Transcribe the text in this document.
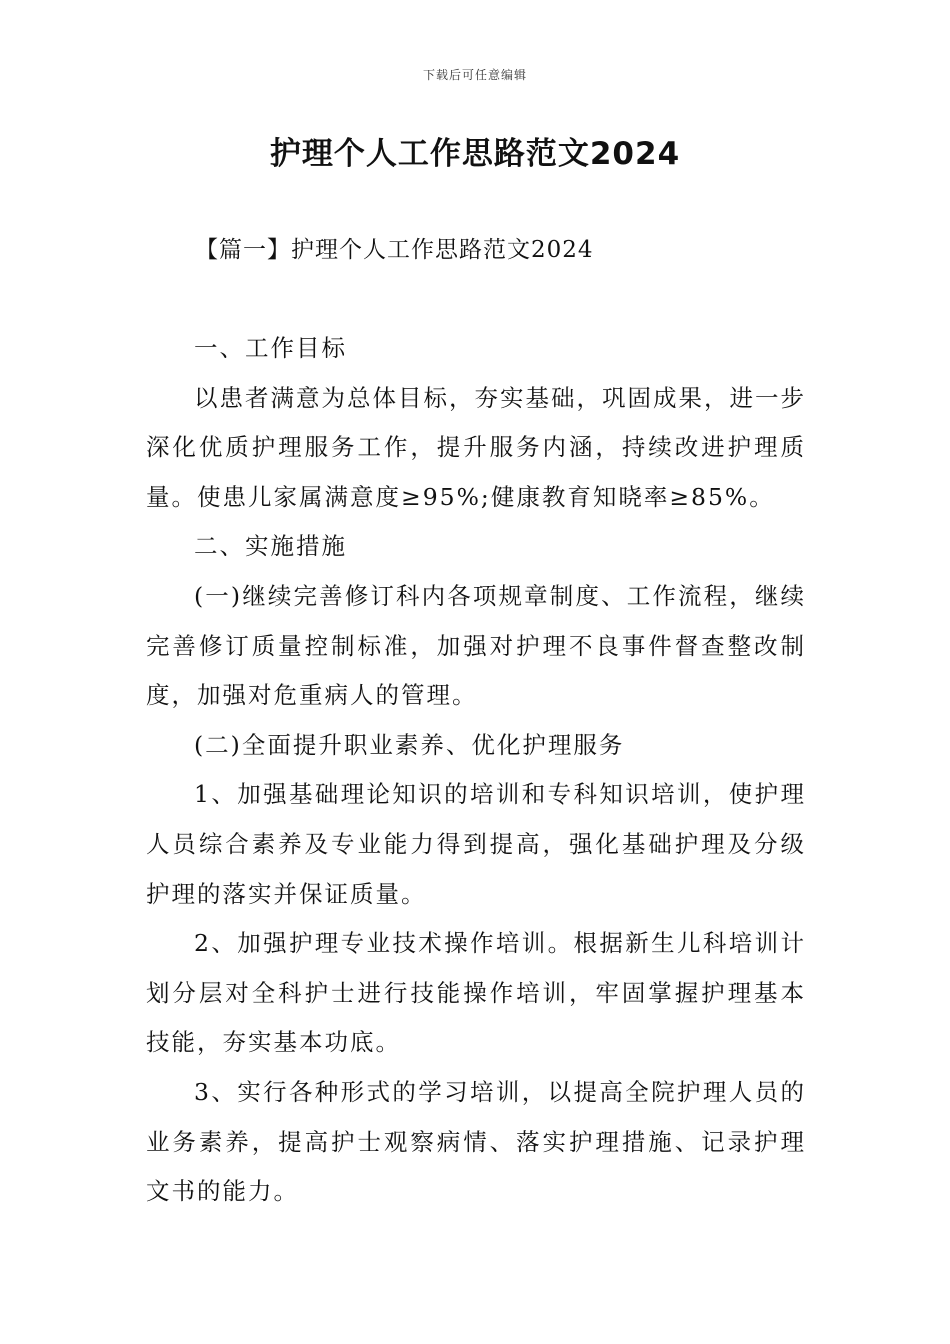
下载后可任意编辑
护理个人工作思路范文2024
【篇一】护理个人工作思路范文2024

一、工作目标

以患者满意为总体目标，夯实基础，巩固成果，进一步深化优质护理服务工作，提升服务内涵，持续改进护理质量。使患儿家属满意度≥95%;健康教育知晓率≥85%。

二、实施措施

(一)继续完善修订科内各项规章制度、工作流程，继续完善修订质量控制标准，加强对护理不良事件督查整改制度，加强对危重病人的管理。

(二)全面提升职业素养、优化护理服务

1、加强基础理论知识的培训和专科知识培训，使护理人员综合素养及专业能力得到提高，强化基础护理及分级护理的落实并保证质量。

2、加强护理专业技术操作培训。根据新生儿科培训计划分层对全科护士进行技能操作培训，牢固掌握护理基本技能，夯实基本功底。

3、实行各种形式的学习培训，以提高全院护理人员的业务素养，提高护士观察病情、落实护理措施、记录护理文书的能力。
